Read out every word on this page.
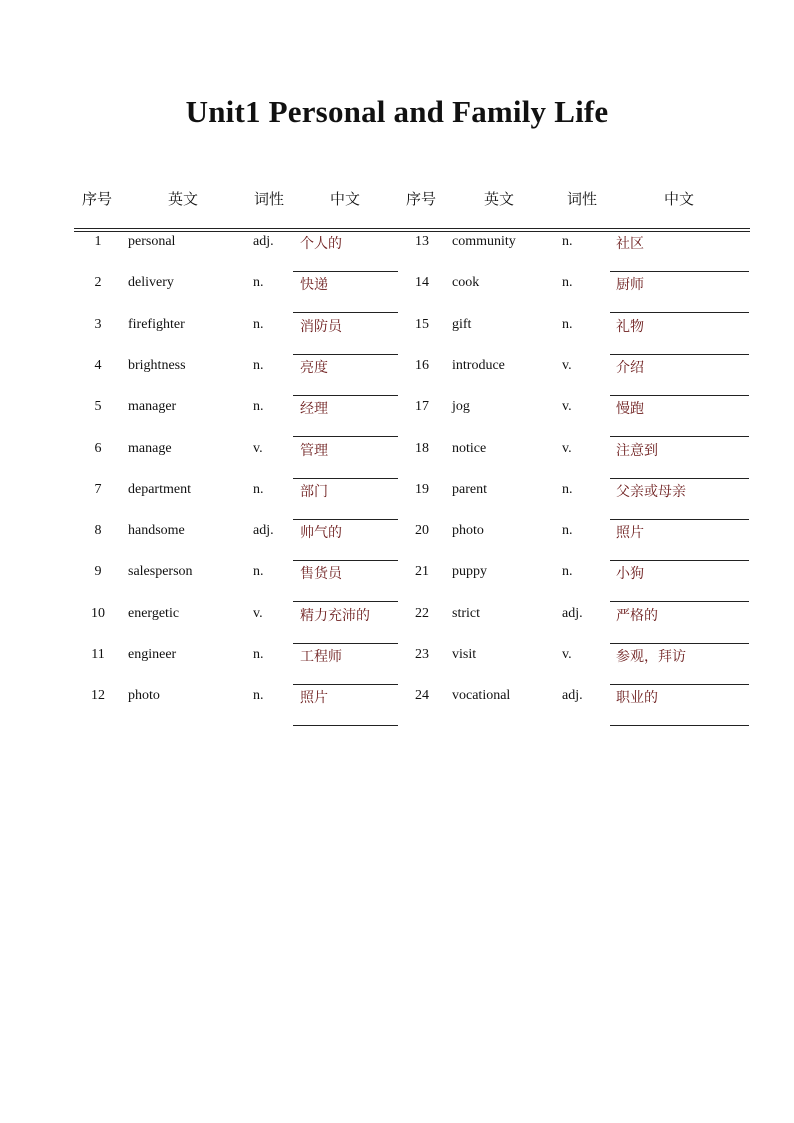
Unit1 Personal and Family Life
序号	英文	词性	中文	序号	英文	词性	中文
1	personal	adj. 个人的	13	community	n.	社区
2	delivery	n.	快递	14	cook	n.	厨师
3	firefighter	n.	消防员	15	gift	n.	礼物
4	brightness	n.	亮度	16	introduce	v.	介绍
5	manager	n.	经理	17	jog	v.	慢跑
6	manage	v.	管理	18	notice	v.	注意到
7	department	n.	部门	19	parent	n.	父亲或母亲
8	handsome	adj. 帅气的	20	photo	n.	照片
9	salesperson	n.	售货员	21	puppy	n.	小狗
10	energetic	v.	精力充沛的	22	strict	adj. 严格的
11	engineer	n.	工程师	23	visit	v.	参观，拜访
12	photo	n.	照片	24	vocational	adj. 职业的
